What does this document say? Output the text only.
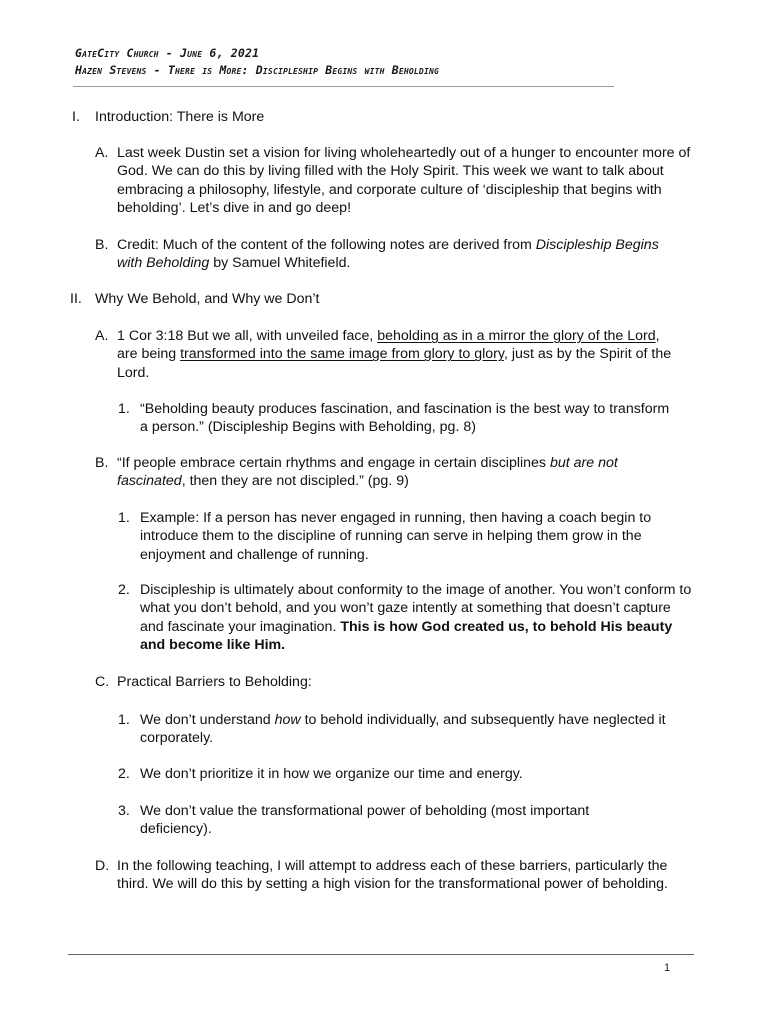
GateCity Church - June 6, 2021
Hazen Stevens - There is More: Discipleship Begins with Beholding
I. Introduction: There is More
A. Last week Dustin set a vision for living wholeheartedly out of a hunger to encounter more of God. We can do this by living filled with the Holy Spirit. This week we want to talk about embracing a philosophy, lifestyle, and corporate culture of ‘discipleship that begins with beholding’. Let’s dive in and go deep!
B. Credit: Much of the content of the following notes are derived from Discipleship Begins with Beholding by Samuel Whitefield.
II. Why We Behold, and Why we Don’t
A. 1 Cor 3:18 But we all, with unveiled face, beholding as in a mirror the glory of the Lord, are being transformed into the same image from glory to glory, just as by the Spirit of the Lord.
1. “Beholding beauty produces fascination, and fascination is the best way to transform a person.” (Discipleship Begins with Beholding, pg. 8)
B. “If people embrace certain rhythms and engage in certain disciplines but are not fascinated, then they are not discipled.” (pg. 9)
1. Example: If a person has never engaged in running, then having a coach begin to introduce them to the discipline of running can serve in helping them grow in the enjoyment and challenge of running.
2. Discipleship is ultimately about conformity to the image of another. You won’t conform to what you don’t behold, and you won’t gaze intently at something that doesn’t capture and fascinate your imagination. This is how God created us, to behold His beauty and become like Him.
C. Practical Barriers to Beholding:
1. We don’t understand how to behold individually, and subsequently have neglected it corporately.
2. We don’t prioritize it in how we organize our time and energy.
3. We don’t value the transformational power of beholding (most important deficiency).
D. In the following teaching, I will attempt to address each of these barriers, particularly the third. We will do this by setting a high vision for the transformational power of beholding.
1
